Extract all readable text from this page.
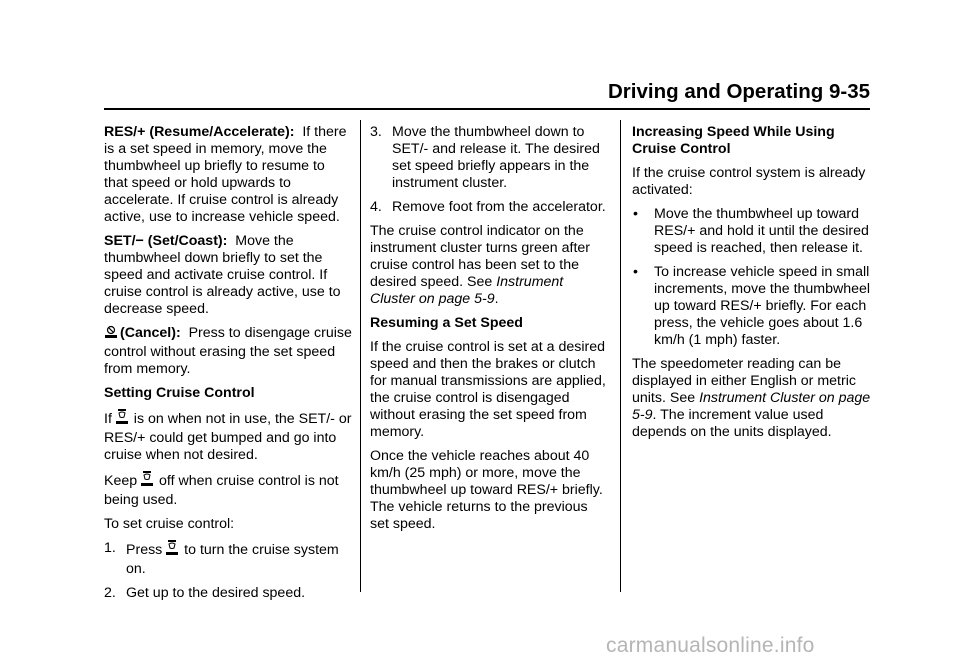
Driving and Operating 9-35

RES/+ (Resume/Accelerate): If there is a set speed in memory, move the thumbwheel up briefly to resume to that speed or hold upwards to accelerate. If cruise control is already active, use to increase vehicle speed.

SET/− (Set/Coast): Move the thumbwheel down briefly to set the speed and activate cruise control. If cruise control is already active, use to decrease speed.

(Cancel): Press to disengage cruise control without erasing the set speed from memory.

Setting Cruise Control

If is on when not in use, the SET/- or RES/+ could get bumped and go into cruise when not desired.

Keep off when cruise control is not being used.

To set cruise control:

1. Press to turn the cruise system on.
2. Get up to the desired speed.
3. Move the thumbwheel down to SET/- and release it. The desired set speed briefly appears in the instrument cluster.
4. Remove foot from the accelerator.

The cruise control indicator on the instrument cluster turns green after cruise control has been set to the desired speed. See Instrument Cluster on page 5-9.

Resuming a Set Speed

If the cruise control is set at a desired speed and then the brakes or clutch for manual transmissions are applied, the cruise control is disengaged without erasing the set speed from memory.

Once the vehicle reaches about 40 km/h (25 mph) or more, move the thumbwheel up toward RES/+ briefly. The vehicle returns to the previous set speed.

Increasing Speed While Using Cruise Control

If the cruise control system is already activated:

• Move the thumbwheel up toward RES/+ and hold it until the desired speed is reached, then release it.
• To increase vehicle speed in small increments, move the thumbwheel up toward RES/+ briefly. For each press, the vehicle goes about 1.6 km/h (1 mph) faster.

The speedometer reading can be displayed in either English or metric units. See Instrument Cluster on page 5-9. The increment value used depends on the units displayed.

carmanualsonline.info
